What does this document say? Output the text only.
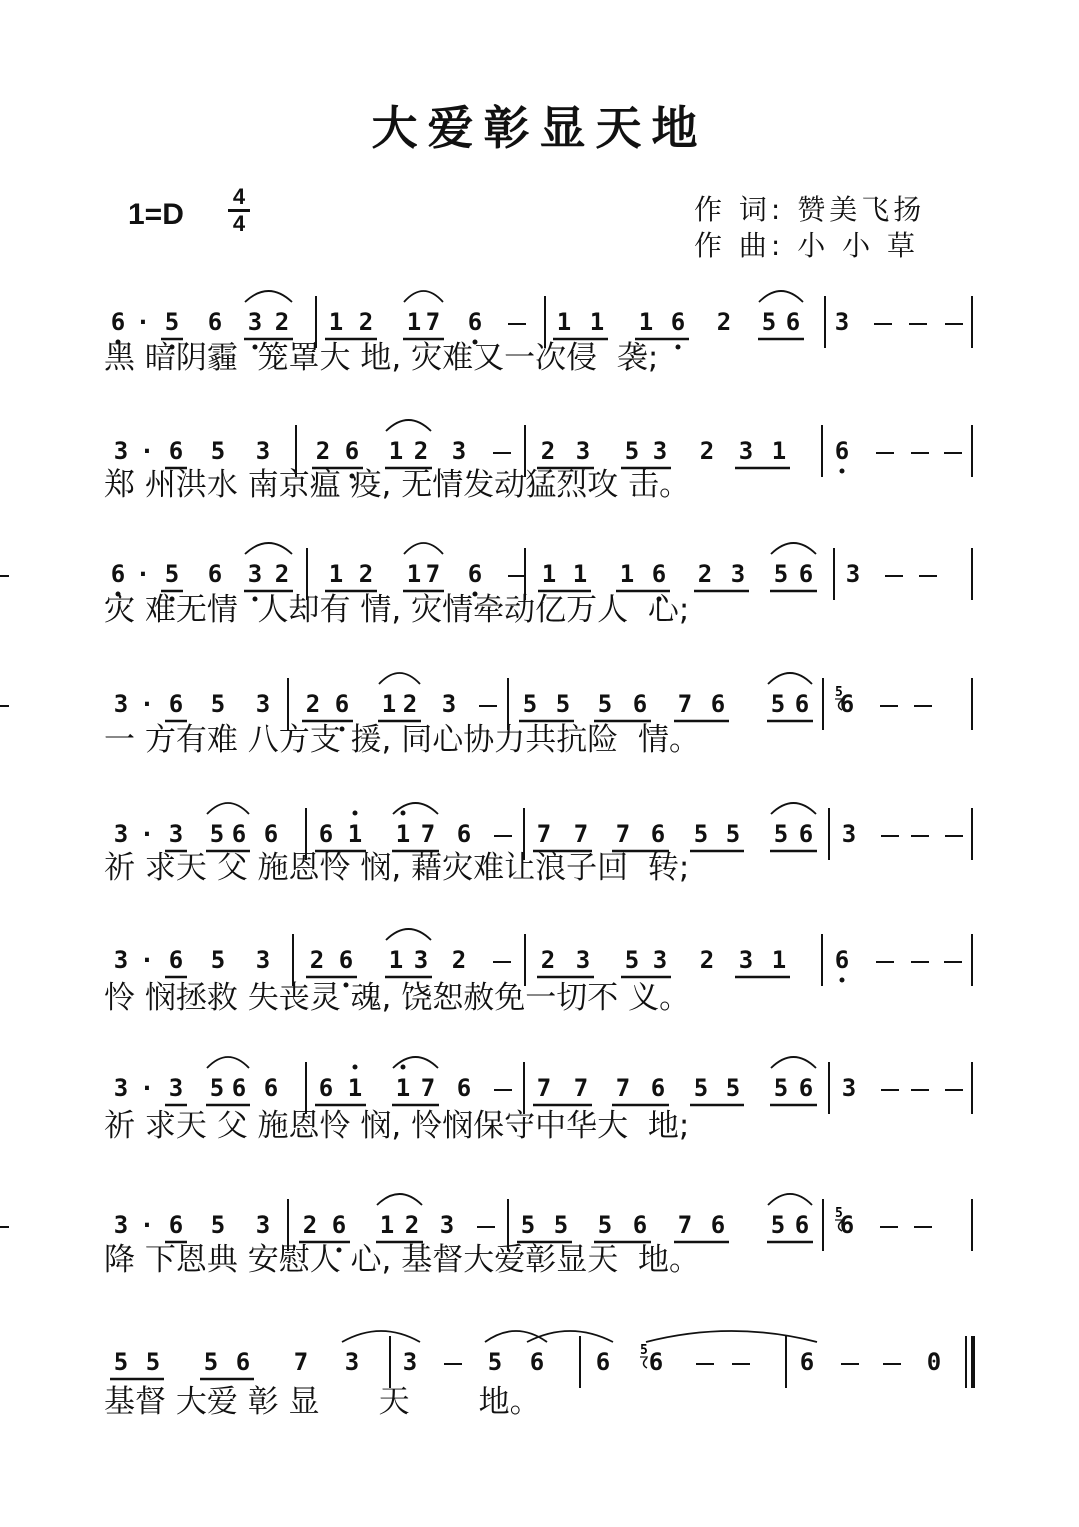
大爱彰显天地
1=D
4
4	作 词: 赞美飞扬
作 曲: 小 小 草
5
5
5
6 · 5 6 3 2 1 2 1 7 6	1 1 1 6 2 5 6 3
黑 暗阴霾  笼罩大 地, 灾难又一次侵  袭;
3 · 6 5 3 2 6 1 2 3	2 3 5 3 2 3 1 6
郑 州洪水 南京瘟 疫, 无情发动猛烈攻 击。
6 · 5 6 3 2 1 2 1 7 6 1 1 1 6 2 3 5 6 3
灾 难无情  人却有 情, 灾情牵动亿万人  心;
3 · 6 5 3 2 6 1 2 3	5 5 5 6 7 6 5 6 6
一 方有难 八方支 援, 同心协力共抗险  情。
3 · 3 5 6 6 6 1 1 7 6	7 7 7 6 5 5 5 6 3
祈 求天 父 施恩怜 悯, 藉灾难让浪子回  转;
3 · 6 5 3 2 6 1 3 2	2 3 5 3 2 3 1 6
怜 悯拯救 失丧灵 魂, 饶恕赦免一切不 义。
3 · 3 5 6 6 6 1 1 7 6	7 7 7 6 5 5 5 6 3
祈 求天 父 施恩怜 悯, 怜悯保守中华大  地;
3 · 6 5 3 2 6 1 2 3	5 5 5 6 7 6 5 6 6
降 下恩典 安慰人 心, 基督大爱彰显天  地。
5 5 5 6 7 3 3	5 6 6 6	6	0
基督 大爱 彰 显      天       地。
